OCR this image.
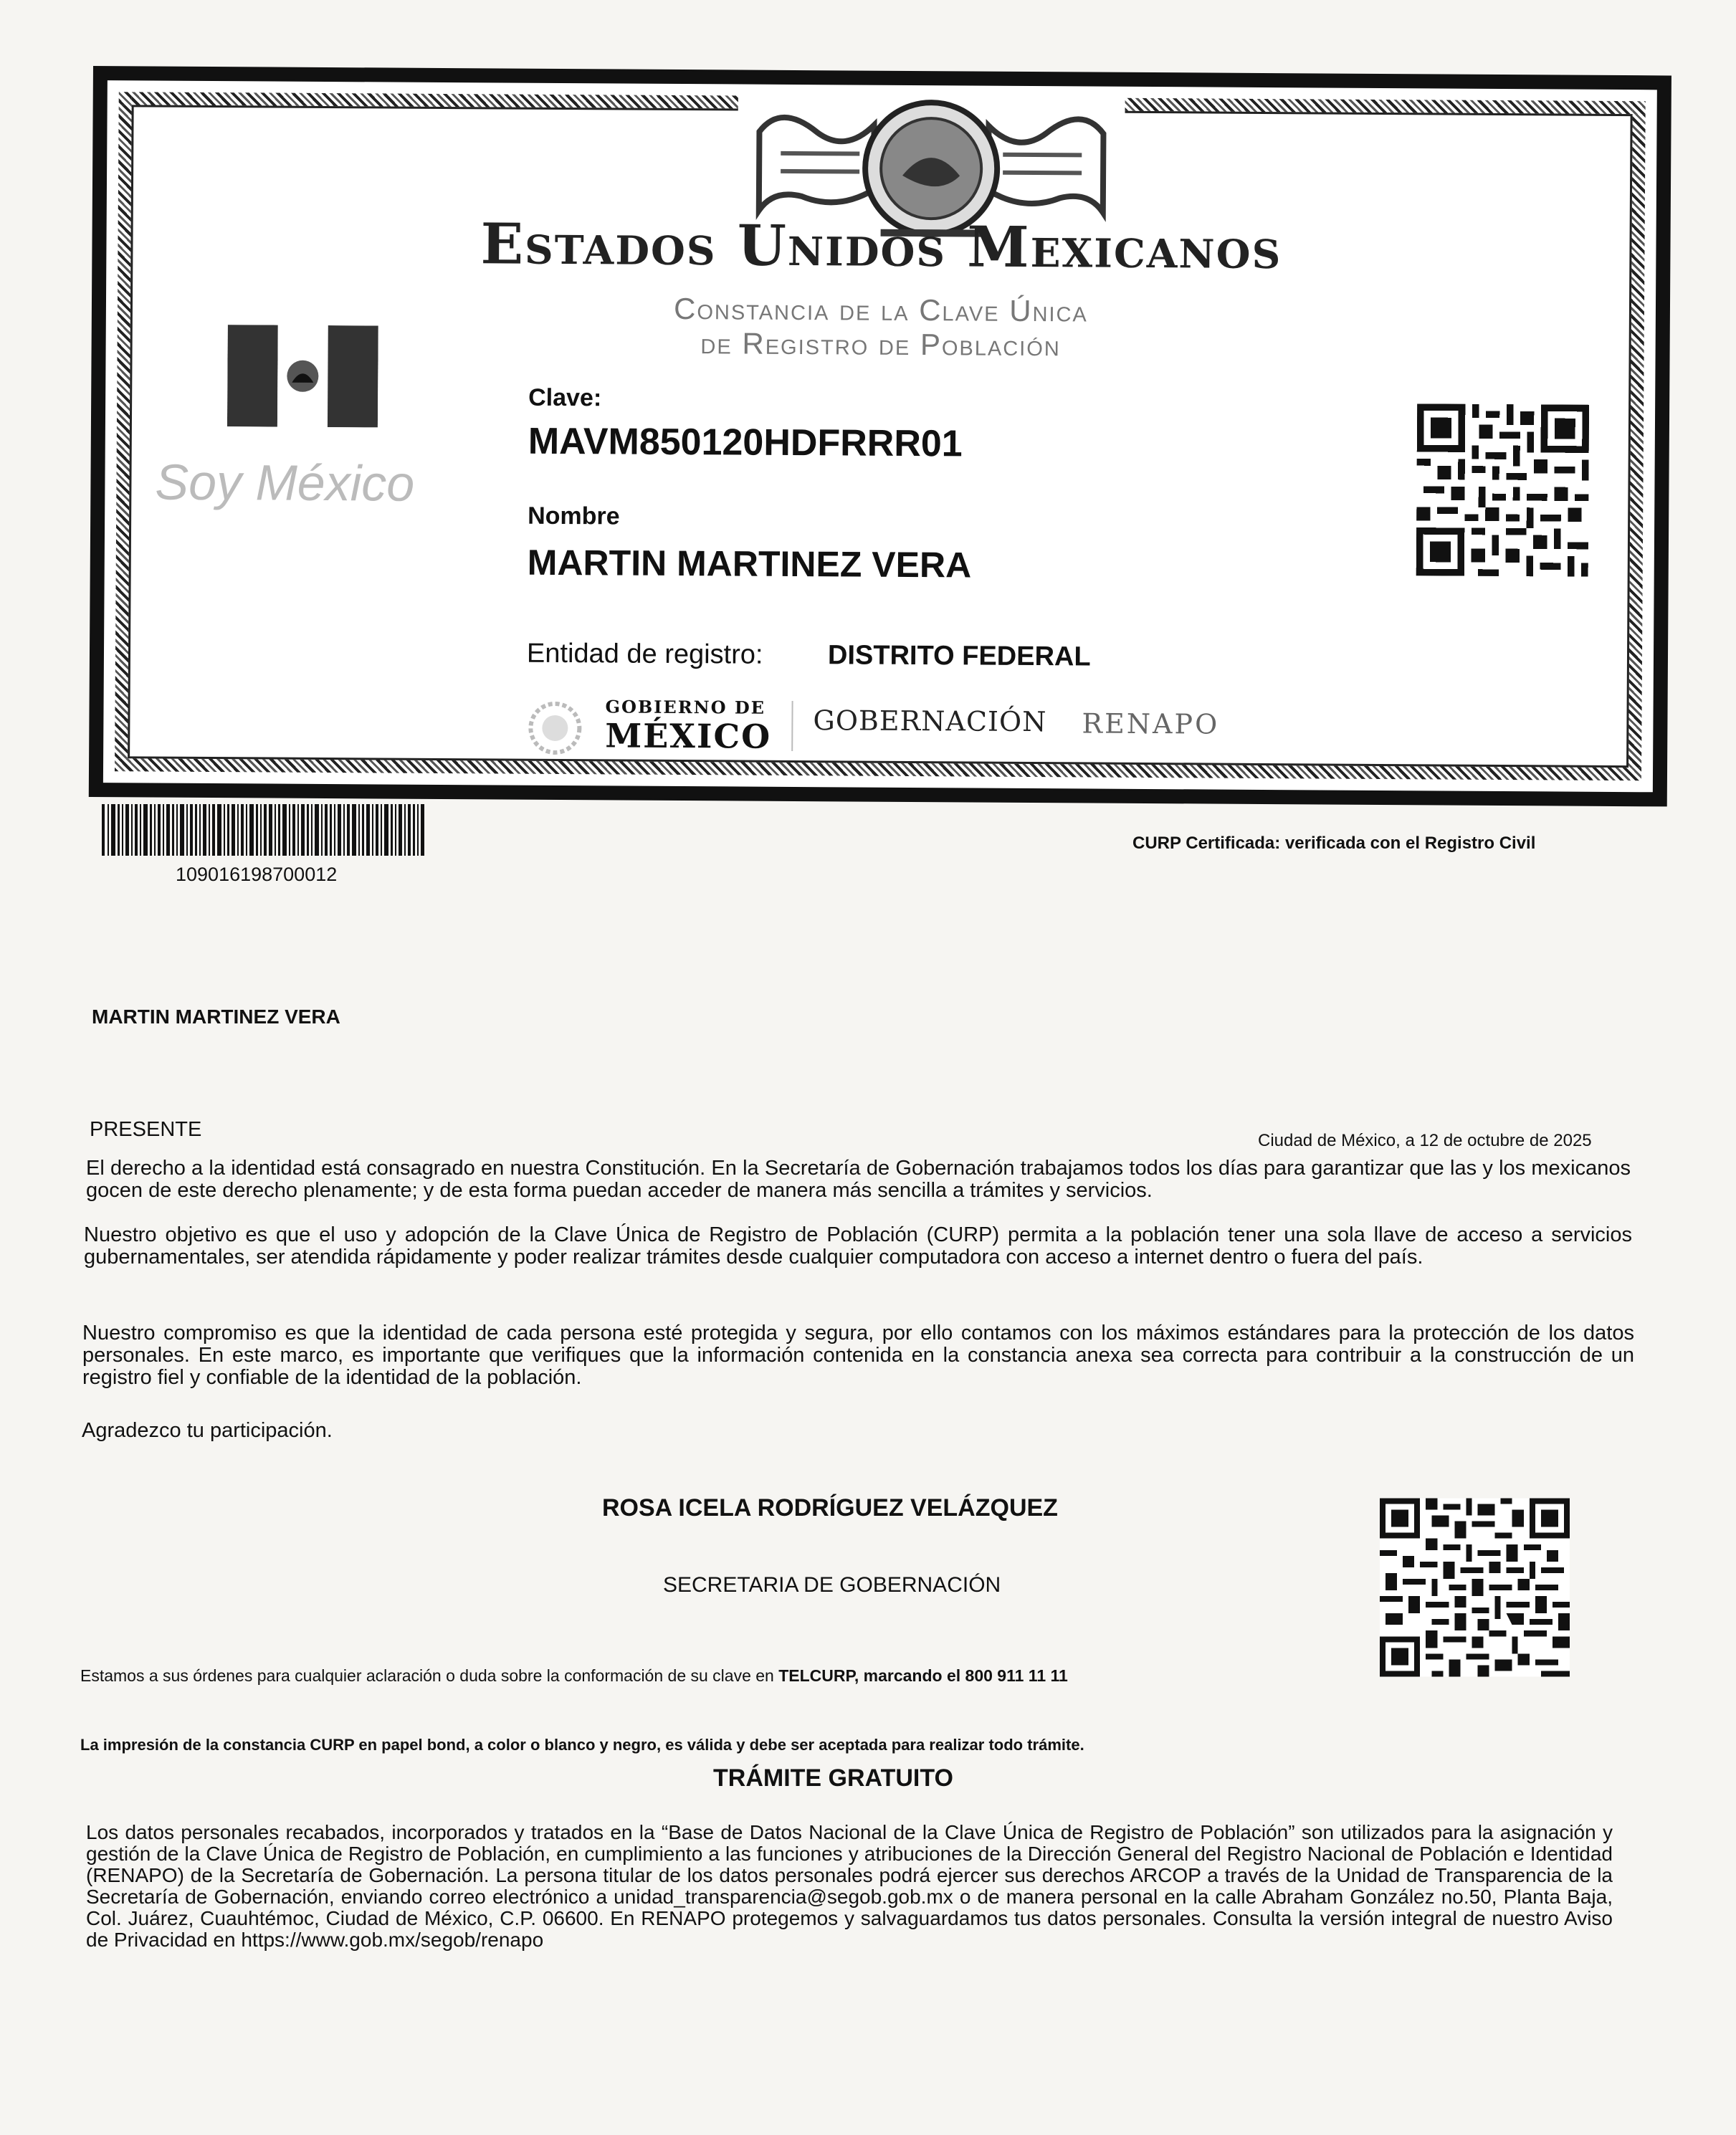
Estados Unidos Mexicanos
Constancia de la Clave Única
de Registro de Población
Soy México
Clave:
MAVM850120HDFRRR01
Nombre
MARTIN MARTINEZ VERA
Entidad de registro: DISTRITO FEDERAL
GOBIERNO DE
MÉXICO GOBERNACIÓN RENAPO
109016198700012
CURP Certificada: verificada con el Registro Civil
MARTIN MARTINEZ VERA
PRESENTE	Ciudad de México, a 12 de octubre de 2025
El derecho a la identidad está consagrado en nuestra Constitución. En la Secretaría de Gobernación trabajamos todos los días para garantizar que las y los mexicanos gocen de este derecho plenamente; y de esta forma puedan acceder de manera más sencilla a trámites y servicios.
Nuestro objetivo es que el uso y adopción de la Clave Única de Registro de Población (CURP) permita a la población tener una sola llave de acceso a servicios gubernamentales, ser atendida rápidamente y poder realizar trámites desde cualquier computadora con acceso a internet dentro o fuera del país.
Nuestro compromiso es que la identidad de cada persona esté protegida y segura, por ello contamos con los máximos estándares para la protección de los datos personales. En este marco, es importante que verifiques que la información contenida en la constancia anexa sea correcta para contribuir a la construcción de un registro fiel y confiable de la identidad de la población.
Agradezco tu participación.
ROSA ICELA RODRÍGUEZ VELÁZQUEZ
SECRETARIA DE GOBERNACIÓN
Estamos a sus órdenes para cualquier aclaración o duda sobre la conformación de su clave en TELCURP, marcando el 800 911 11 11
La impresión de la constancia CURP en papel bond, a color o blanco y negro, es válida y debe ser aceptada para realizar todo trámite.
TRÁMITE GRATUITO
Los datos personales recabados, incorporados y tratados en la “Base de Datos Nacional de la Clave Única de Registro de Población” son utilizados para la asignación y gestión de la Clave Única de Registro de Población, en cumplimiento a las funciones y atribuciones de la Dirección General del Registro Nacional de Población e Identidad (RENAPO) de la Secretaría de Gobernación. La persona titular de los datos personales podrá ejercer sus derechos ARCOP a través de la Unidad de Transparencia de la Secretaría de Gobernación, enviando correo electrónico a unidad_transparencia@segob.gob.mx o de manera personal en la calle Abraham González no.50, Planta Baja, Col. Juárez, Cuauhtémoc, Ciudad de México, C.P. 06600. En RENAPO protegemos y salvaguardamos tus datos personales. Consulta la versión integral de nuestro Aviso de Privacidad en https://www.gob.mx/segob/renapo
